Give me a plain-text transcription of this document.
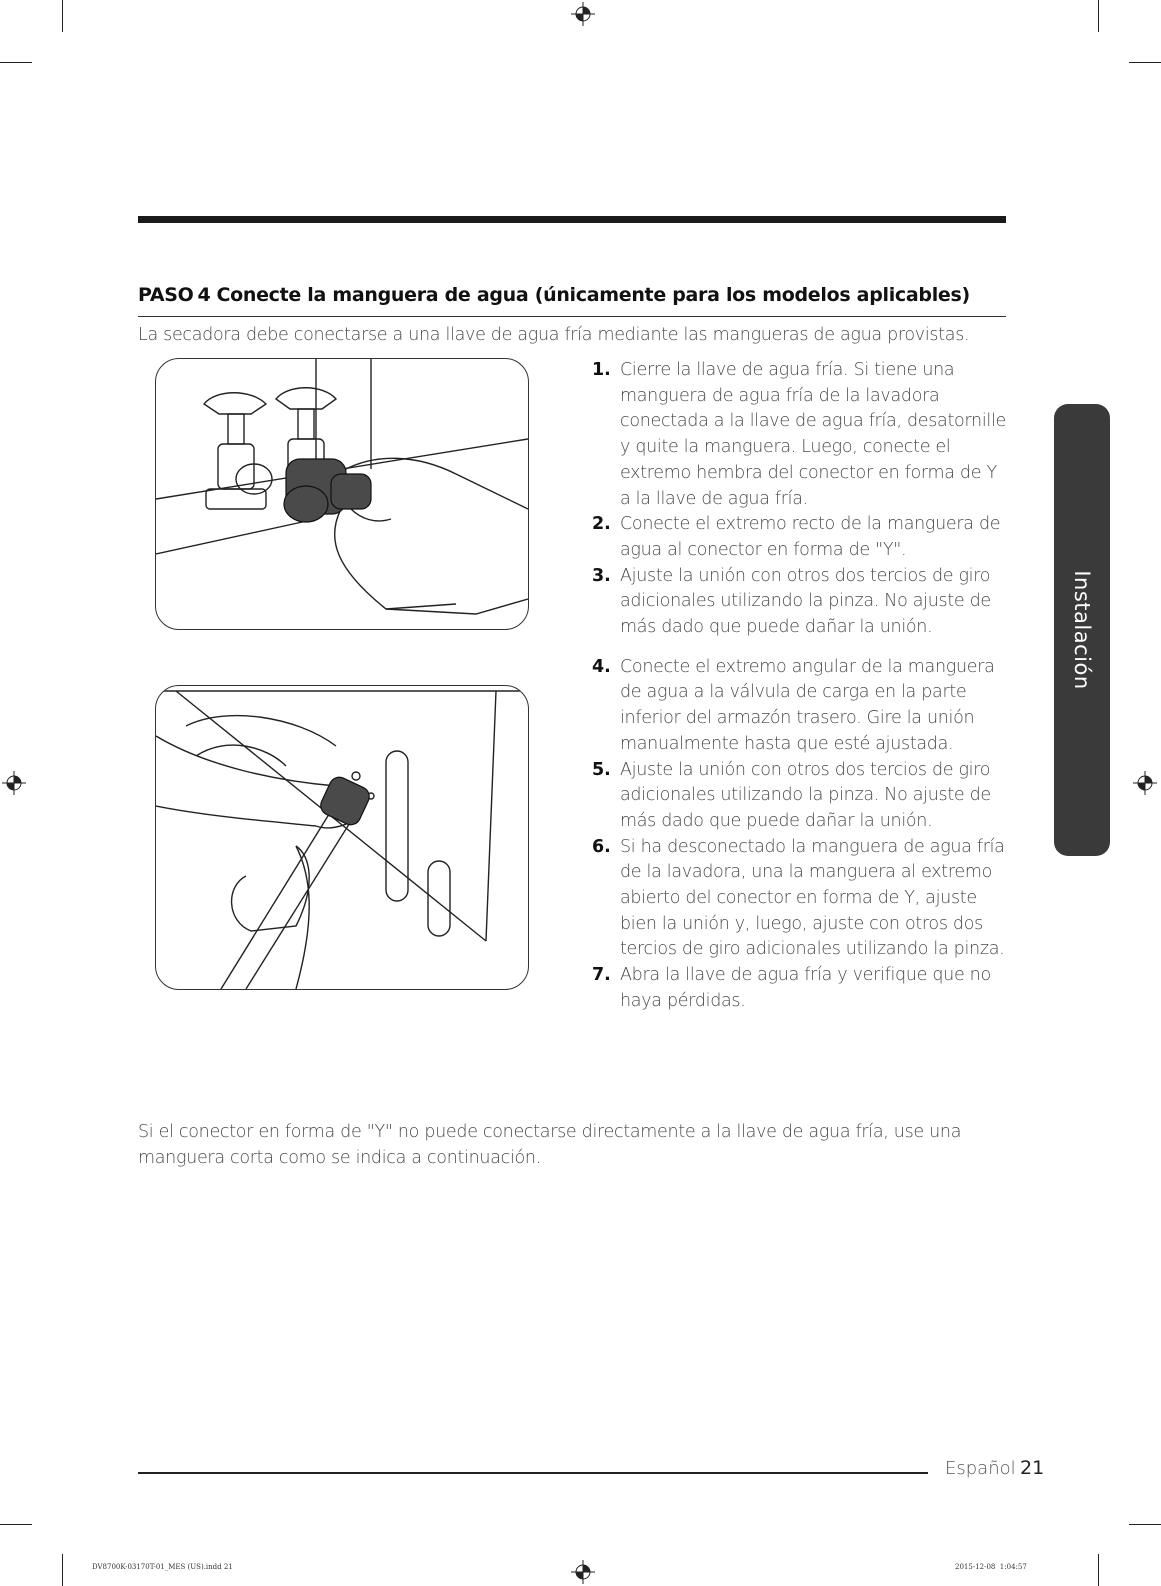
PASO 4 Conecte la manguera de agua (únicamente para los modelos aplicables)

La secadora debe conectarse a una llave de agua fría mediante las mangueras de agua provistas.

1. Cierre la llave de agua fría. Si tiene una manguera de agua fría de la lavadora conectada a la llave de agua fría, desatornille y quite la manguera. Luego, conecte el extremo hembra del conector en forma de Y a la llave de agua fría.
2. Conecte el extremo recto de la manguera de agua al conector en forma de "Y".
3. Ajuste la unión con otros dos tercios de giro adicionales utilizando la pinza. No ajuste de más dado que puede dañar la unión.
4. Conecte el extremo angular de la manguera de agua a la válvula de carga en la parte inferior del armazón trasero. Gire la unión manualmente hasta que esté ajustada.
5. Ajuste la unión con otros dos tercios de giro adicionales utilizando la pinza. No ajuste de más dado que puede dañar la unión.
6. Si ha desconectado la manguera de agua fría de la lavadora, una la manguera al extremo abierto del conector en forma de Y, ajuste bien la unión y, luego, ajuste con otros dos tercios de giro adicionales utilizando la pinza.
7. Abra la llave de agua fría y verifique que no haya pérdidas.

Si el conector en forma de "Y" no puede conectarse directamente a la llave de agua fría, use una manguera corta como se indica a continuación.

Instalación
Español 21
DV8700K-03170T-01_MES (US).indd 21	2015-12-08 ￼ 1:04:57
